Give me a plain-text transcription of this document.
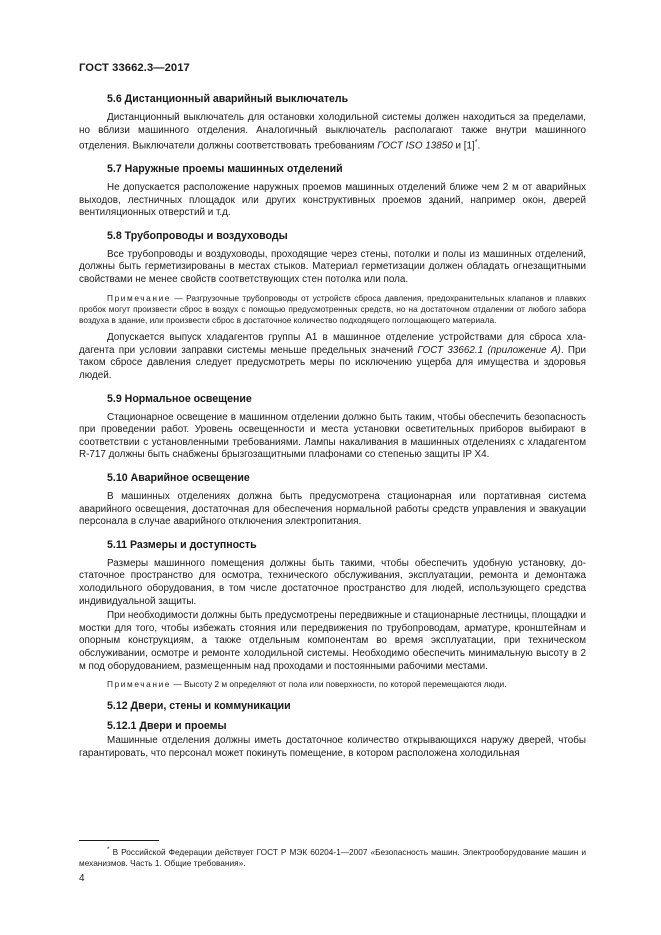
ГОСТ 33662.3—2017
5.6 Дистанционный аварийный выключатель

Дистанционный выключатель для остановки холодильной системы должен находиться за пределами, но вблизи машинного отделения. Аналогичный выключатель располагают также внутри машинного отделения. Выключатели должны соответствовать требованиям ГОСТ ISO 13850 и [1]*.

5.7 Наружные проемы машинных отделений

Не допускается расположение наружных проемов машинных отделений ближе чем 2 м от аварийных выходов, лестничных площадок или других конструктивных проемов зданий, например окон, дверей вентиляционных отверстий и т.д.

5.8 Трубопроводы и воздуховоды

Все трубопроводы и воздуховоды, проходящие через стены, потолки и полы из машинных отделений, должны быть герметизированы в местах стыков. Материал герметизации должен обладать огнезащитными свойствами не менее свойств соответствующих стен потолка или пола.

Примечание — Разгрузочные трубопроводы от устройств сброса давления, предохранительных клапанов и плавких пробок могут произвести сброс в воздух с помощью предусмотренных средств, но на достаточном отдалении от любого забора воздуха в здание, или произвести сброс в достаточное количество подходящего поглощающего материала.

Допускается выпуск хладагентов группы А1 в машинное отделение устройствами для сброса хладагента при условии заправки системы меньше предельных значений ГОСТ 33662.1 (приложение А). При таком сбросе давления следует предусмотреть меры по исключению ущерба для имущества и здоровья людей.

5.9 Нормальное освещение

Стационарное освещение в машинном отделении должно быть таким, чтобы обеспечить безопасность при проведении работ. Уровень освещенности и места установки осветительных приборов выбирают в соответствии с установленными требованиями. Лампы накаливания в машинных отделениях с хладагентом R-717 должны быть снабжены брызгозащитными плафонами со степенью защиты IP X4.

5.10 Аварийное освещение

В машинных отделениях должна быть предусмотрена стационарная или портативная система аварийного освещения, достаточная для обеспечения нормальной работы средств управления и эвакуации персонала в случае аварийного отключения электропитания.

5.11 Размеры и доступность

Размеры машинного помещения должны быть такими, чтобы обеспечить удобную установку, достаточное пространство для осмотра, технического обслуживания, эксплуатации, ремонта и демонтажа холодильного оборудования, в том числе достаточное пространство для людей, использующего средства индивидуальной защиты.

При необходимости должны быть предусмотрены передвижные и стационарные лестницы, площадки и мостки для того, чтобы избежать стояния или передвижения по трубопроводам, арматуре, кронштейнам и опорным конструкциям, а также отдельным компонентам во время эксплуатации, при техническом обслуживании, осмотре и ремонте холодильной системы. Необходимо обеспечить минимальную высоту в 2 м под оборудованием, размещенным над проходами и постоянными рабочими местами.

Примечание — Высоту 2 м определяют от пола или поверхности, по которой перемещаются люди.

5.12 Двери, стены и коммуникации
5.12.1 Двери и проемы

Машинные отделения должны иметь достаточное количество открывающихся наружу дверей, чтобы гарантировать, что персонал может покинуть помещение, в котором расположена холодильная

* В Российской Федерации действует ГОСТ Р МЭК 60204-1—2007 «Безопасность машин. Электрооборудование машин и механизмов. Часть 1. Общие требования».
4
